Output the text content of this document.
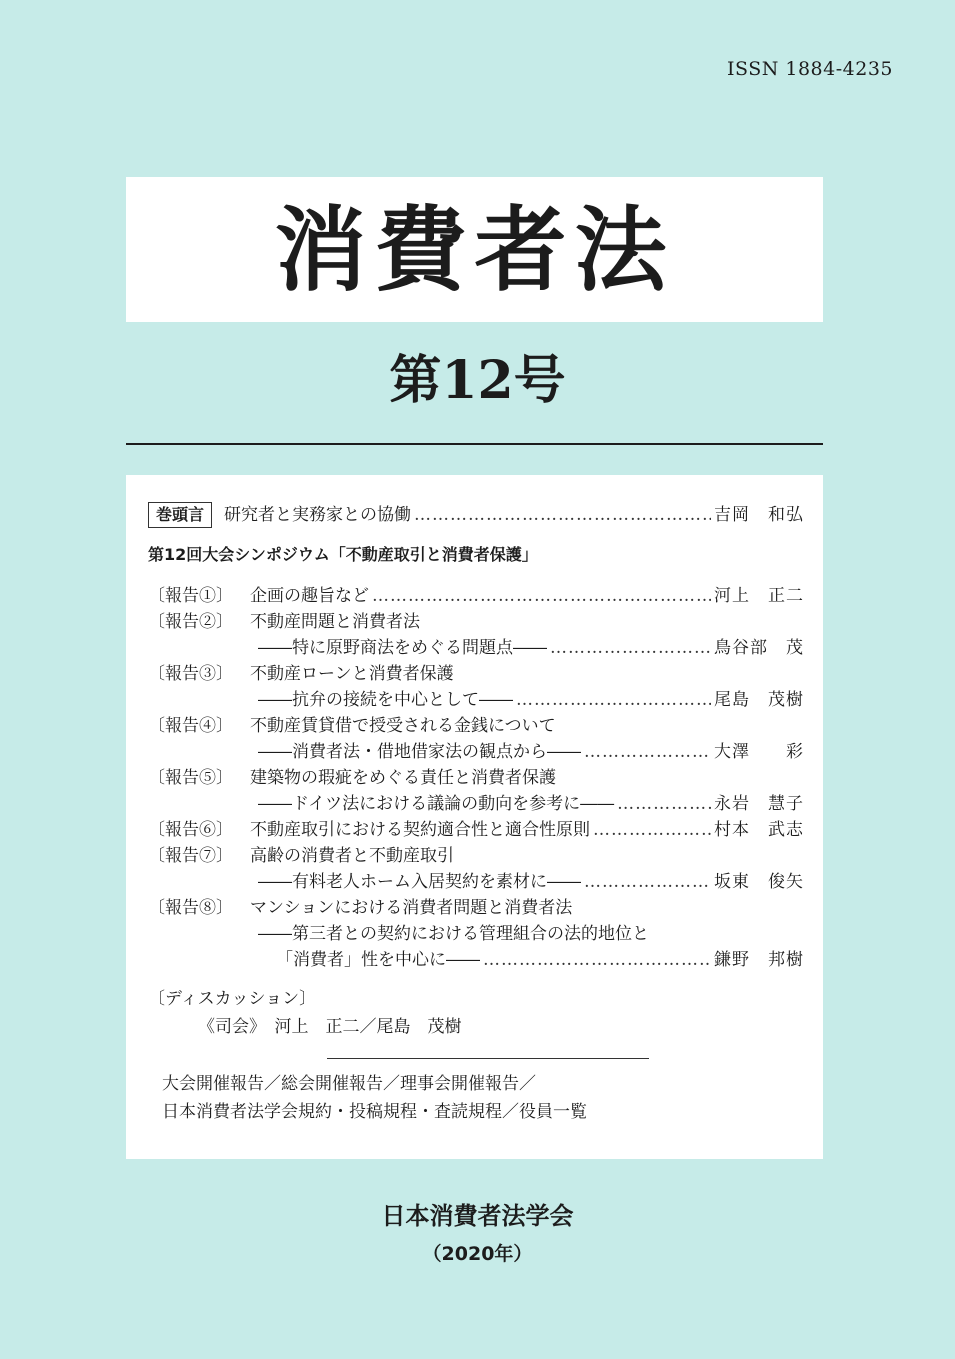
ISSN 1884-4235
消費者法
第12号
巻頭言	研究者と実務家との協働 ………………………………………………………………………………………………	吉岡　和弘
第12回大会シンポジウム「不動産取引と消費者保護」
〔報告①〕 企画の趣旨など ………………………………………………………………………………………………	河上　正二
〔報告②〕 不動産問題と消費者法
――特に原野商法をめぐる問題点―― ………………………………………………………………………………………………	鳥谷部　茂
〔報告③〕 不動産ローンと消費者保護
――抗弁の接続を中心として―― ………………………………………………………………………………………………	尾島　茂樹
〔報告④〕 不動産賃貸借で授受される金銭について
――消費者法・借地借家法の観点から―― ………………………………………………………………………………………………	大澤　　彩
〔報告⑤〕 建築物の瑕疵をめぐる責任と消費者保護
――ドイツ法における議論の動向を参考に―― ………………………………………………………………………………………………	永岩　慧子
〔報告⑥〕 不動産取引における契約適合性と適合性原則 ………………………………………………………………………………………………	村本　武志
〔報告⑦〕 高齢の消費者と不動産取引
――有料老人ホーム入居契約を素材に―― ………………………………………………………………………………………………	坂東　俊矢
〔報告⑧〕 マンションにおける消費者問題と消費者法
――第三者との契約における管理組合の法的地位と
「消費者」性を中心に―― ………………………………………………………………………………………………	鎌野　邦樹
〔ディスカッション〕
《司会》　河上　正二／尾島　茂樹
大会開催報告／総会開催報告／理事会開催報告／
日本消費者法学会規約・投稿規程・査読規程／役員一覧
日本消費者法学会
（2020年）
